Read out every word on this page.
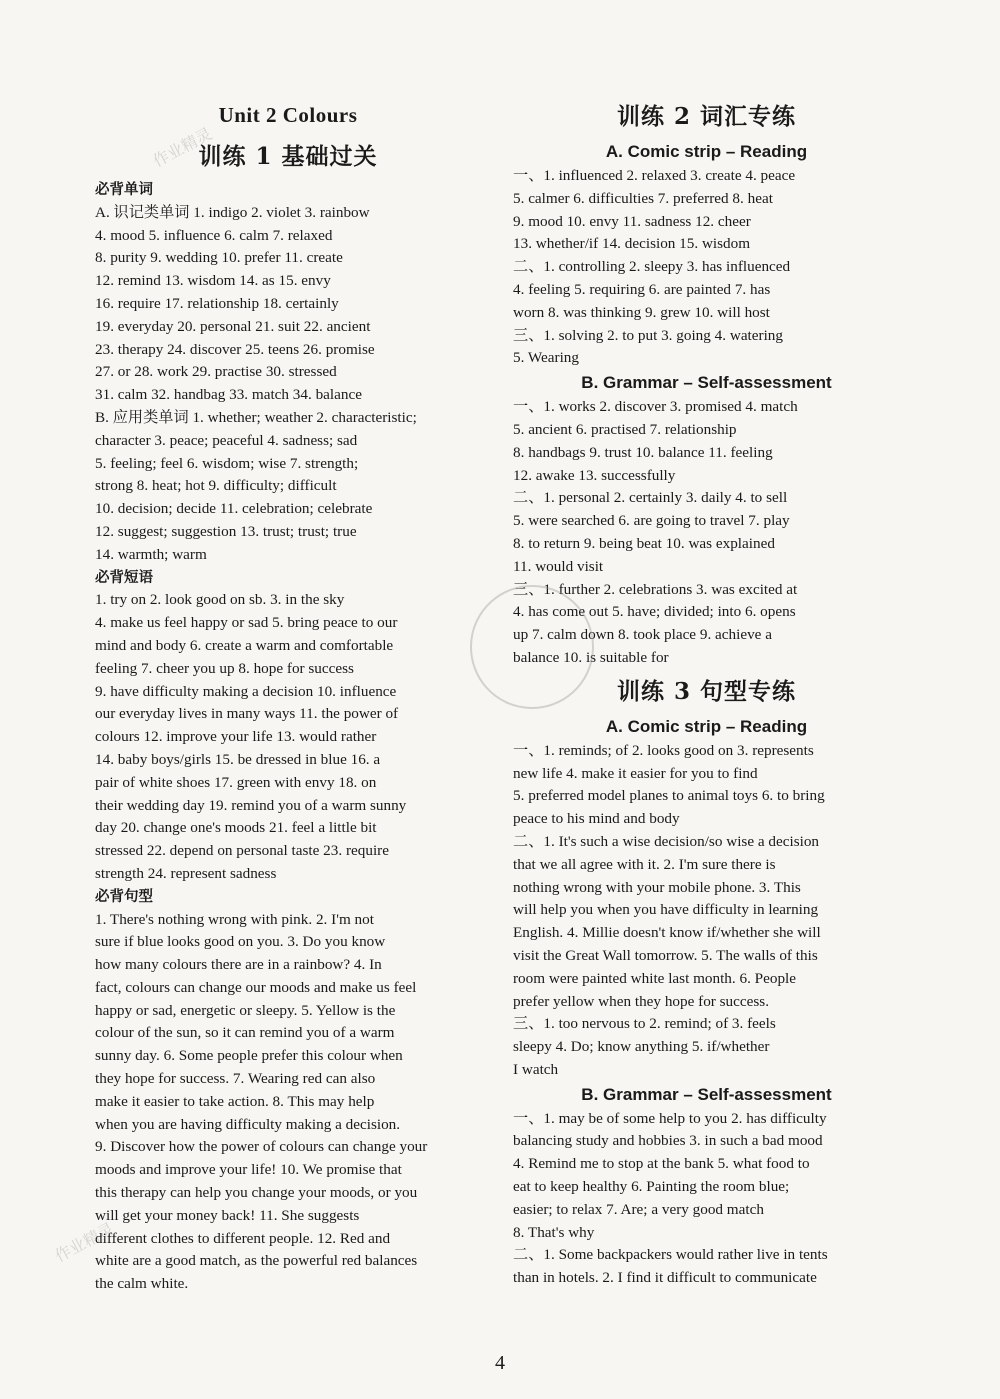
Unit 2 Colours
训练 1 基础过关
必背单词
A. 识记类单词 1. indigo 2. violet 3. rainbow
4. mood 5. influence 6. calm 7. relaxed
8. purity 9. wedding 10. prefer 11. create
12. remind 13. wisdom 14. as 15. envy
16. require 17. relationship 18. certainly
19. everyday 20. personal 21. suit 22. ancient
23. therapy 24. discover 25. teens 26. promise
27. or 28. work 29. practise 30. stressed
31. calm 32. handbag 33. match 34. balance
B. 应用类单词 1. whether; weather 2. characteristic;
character 3. peace; peaceful 4. sadness; sad
5. feeling; feel 6. wisdom; wise 7. strength;
strong 8. heat; hot 9. difficulty; difficult
10. decision; decide 11. celebration; celebrate
12. suggest; suggestion 13. trust; trust; true
14. warmth; warm
必背短语
1. try on 2. look good on sb. 3. in the sky
4. make us feel happy or sad 5. bring peace to our
mind and body 6. create a warm and comfortable
feeling 7. cheer you up 8. hope for success
9. have difficulty making a decision 10. influence
our everyday lives in many ways 11. the power of
colours 12. improve your life 13. would rather
14. baby boys/girls 15. be dressed in blue 16. a
pair of white shoes 17. green with envy 18. on
their wedding day 19. remind you of a warm sunny
day 20. change one's moods 21. feel a little bit
stressed 22. depend on personal taste 23. require
strength 24. represent sadness
必背句型
1. There's nothing wrong with pink. 2. I'm not
sure if blue looks good on you. 3. Do you know
how many colours there are in a rainbow? 4. In
fact, colours can change our moods and make us feel
happy or sad, energetic or sleepy. 5. Yellow is the
colour of the sun, so it can remind you of a warm
sunny day. 6. Some people prefer this colour when
they hope for success. 7. Wearing red can also
make it easier to take action. 8. This may help
when you are having difficulty making a decision.
9. Discover how the power of colours can change your
moods and improve your life! 10. We promise that
this therapy can help you change your moods, or you
will get your money back! 11. She suggests
different clothes to different people. 12. Red and
white are a good match, as the powerful red balances
the calm white.
训练 2 词汇专练
A. Comic strip – Reading
一、1. influenced 2. relaxed 3. create 4. peace
5. calmer 6. difficulties 7. preferred 8. heat
9. mood 10. envy 11. sadness 12. cheer
13. whether/if 14. decision 15. wisdom
二、1. controlling 2. sleepy 3. has influenced
4. feeling 5. requiring 6. are painted 7. has
worn 8. was thinking 9. grew 10. will host
三、1. solving 2. to put 3. going 4. watering
5. Wearing
B. Grammar – Self-assessment
一、1. works 2. discover 3. promised 4. match
5. ancient 6. practised 7. relationship
8. handbags 9. trust 10. balance 11. feeling
12. awake 13. successfully
二、1. personal 2. certainly 3. daily 4. to sell
5. were searched 6. are going to travel 7. play
8. to return 9. being beat 10. was explained
11. would visit
三、1. further 2. celebrations 3. was excited at
4. has come out 5. have; divided; into 6. opens
up 7. calm down 8. took place 9. achieve a
balance 10. is suitable for
训练 3 句型专练
A. Comic strip – Reading
一、1. reminds; of 2. looks good on 3. represents
new life 4. make it easier for you to find
5. preferred model planes to animal toys 6. to bring
peace to his mind and body
二、1. It's such a wise decision/so wise a decision
that we all agree with it. 2. I'm sure there is
nothing wrong with your mobile phone. 3. This
will help you when you have difficulty in learning
English. 4. Millie doesn't know if/whether she will
visit the Great Wall tomorrow. 5. The walls of this
room were painted white last month. 6. People
prefer yellow when they hope for success.
三、1. too nervous to 2. remind; of 3. feels
sleepy 4. Do; know anything 5. if/whether
I watch
B. Grammar – Self-assessment
一、1. may be of some help to you 2. has difficulty
balancing study and hobbies 3. in such a bad mood
4. Remind me to stop at the bank 5. what food to
eat to keep healthy 6. Painting the room blue;
easier; to relax 7. Are; a very good match
8. That's why
二、1. Some backpackers would rather live in tents
than in hotels. 2. I find it difficult to communicate
作业精灵
作业精灵
4
